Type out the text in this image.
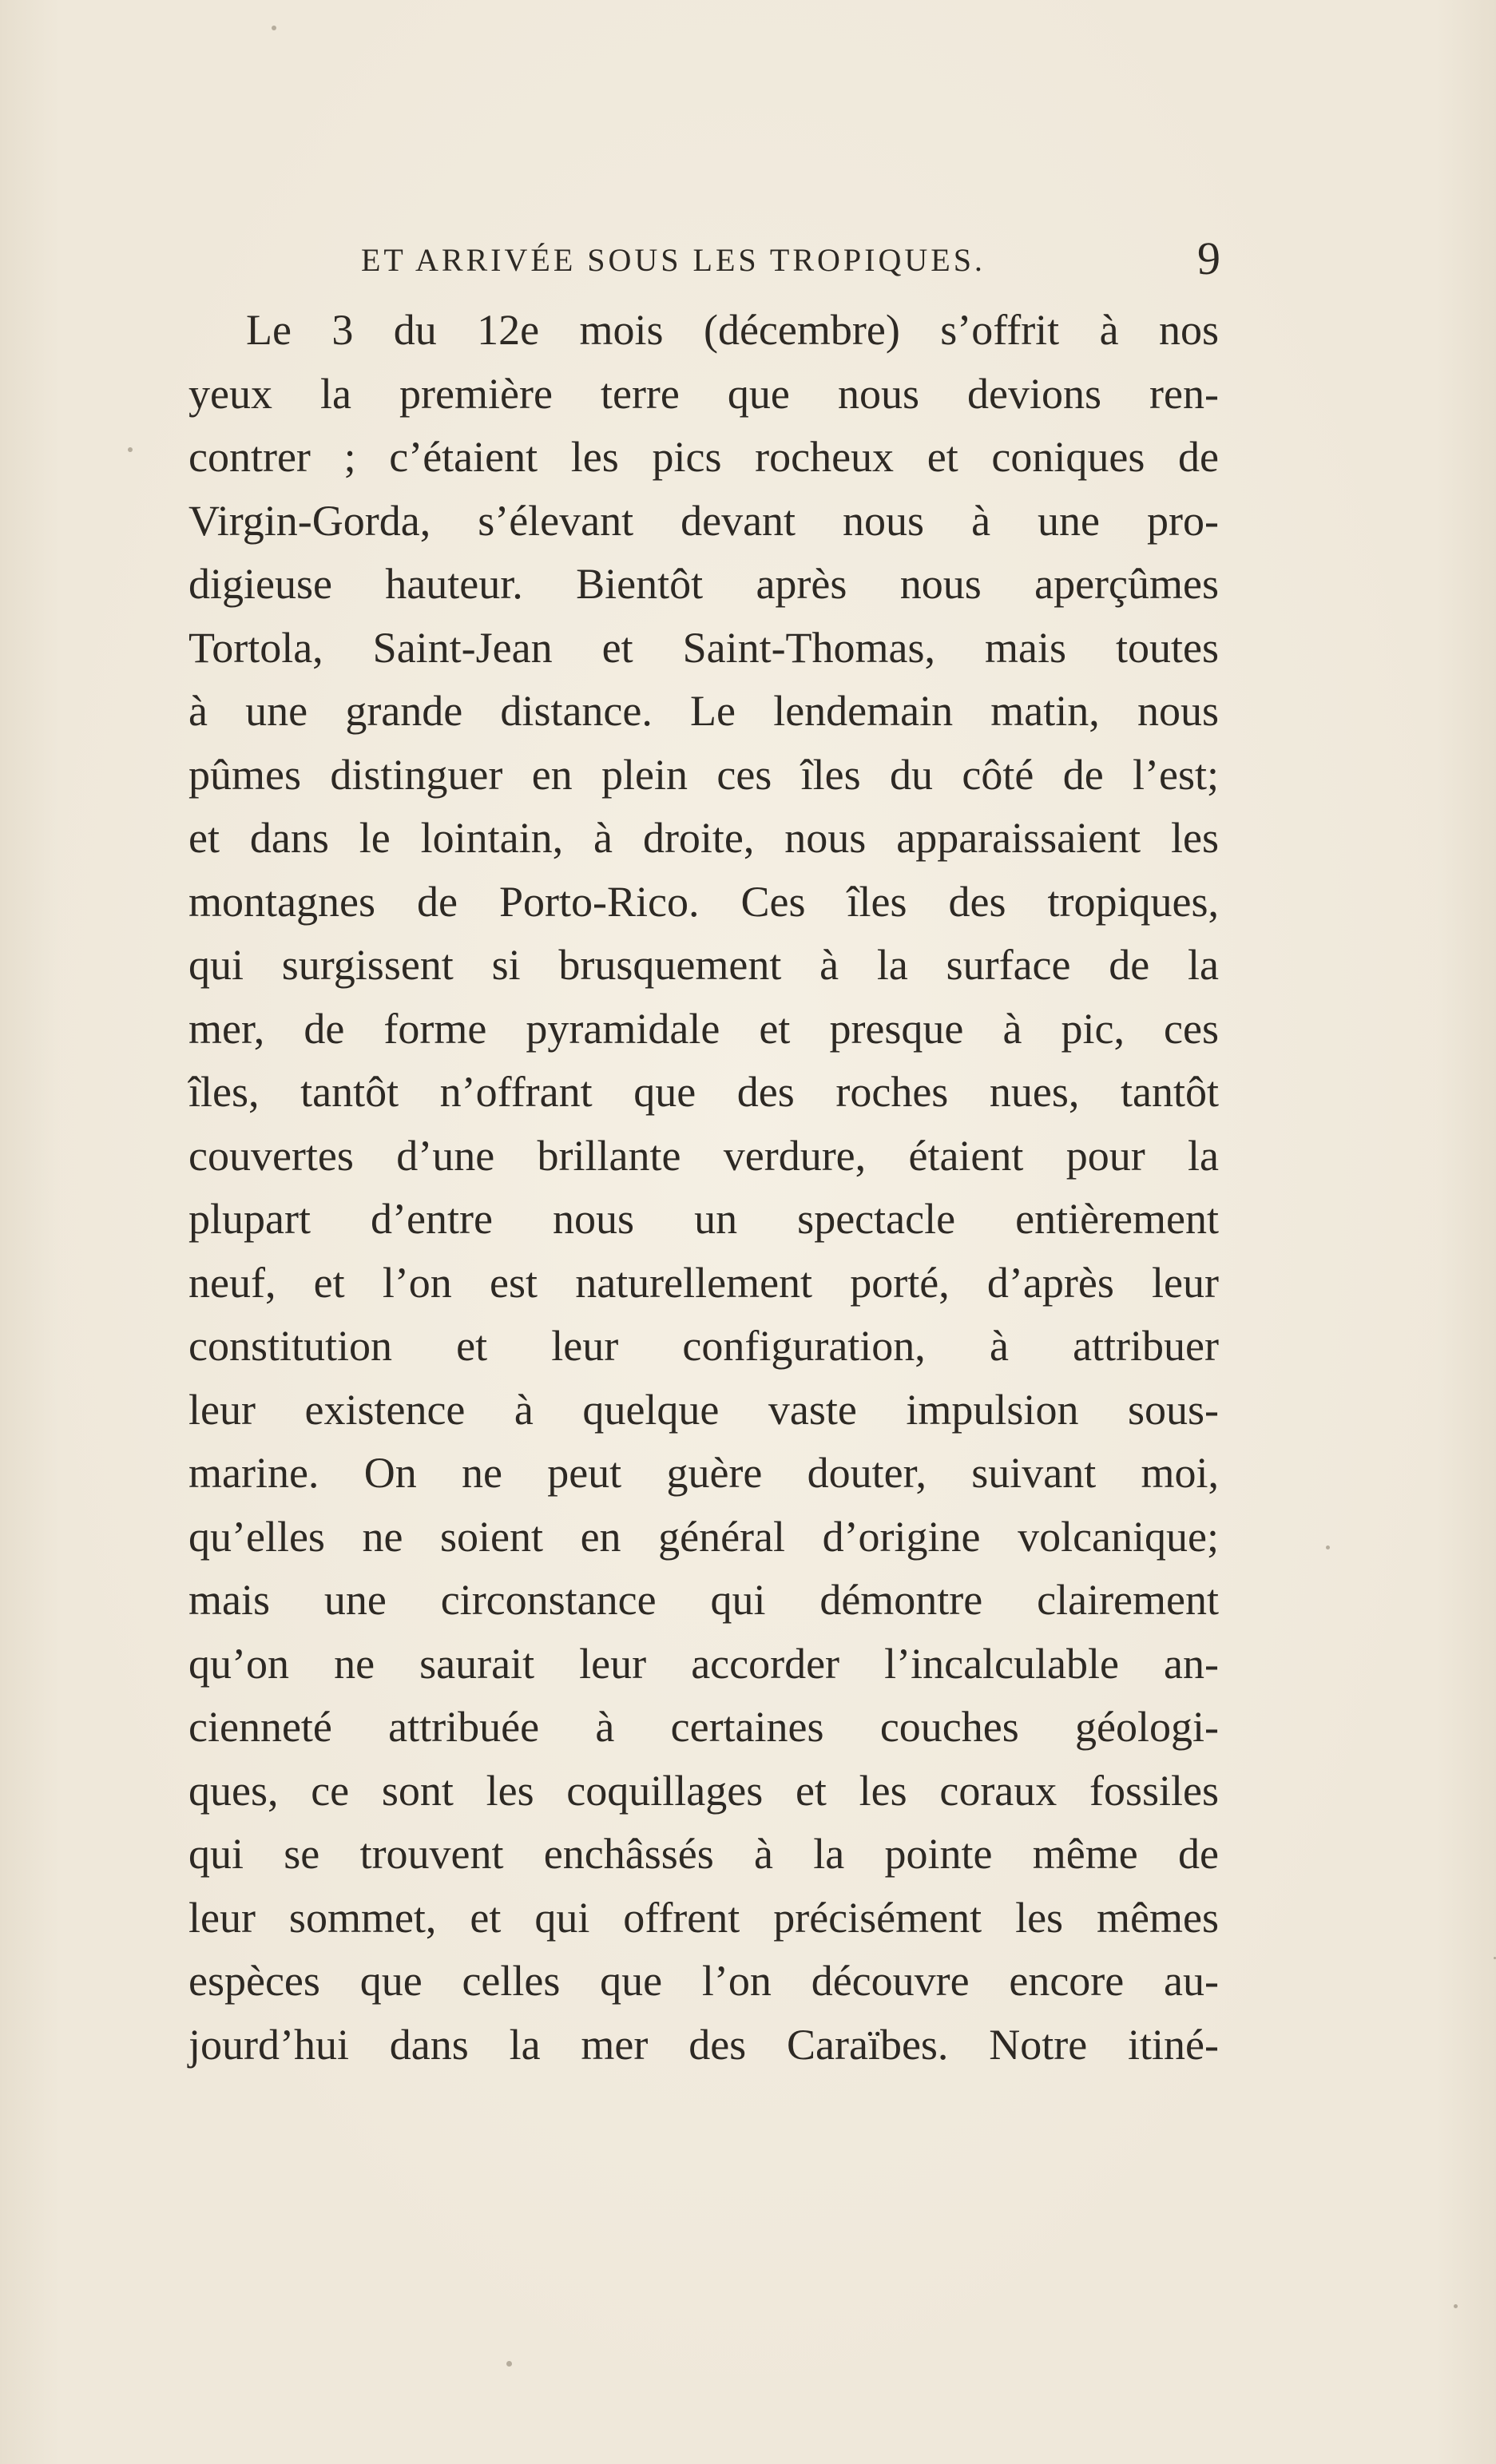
ET ARRIVÉE SOUS LES TROPIQUES.	9
Le 3 du 12e mois (décembre) s’offrit à nos
yeux la première terre que nous devions ren-
contrer ; c’étaient les pics rocheux et coniques de
Virgin-Gorda, s’élevant devant nous à une pro-
digieuse hauteur. Bientôt après nous aperçûmes
Tortola, Saint-Jean et Saint-Thomas, mais toutes
à une grande distance. Le lendemain matin, nous
pûmes distinguer en plein ces îles du côté de l’est;
et dans le lointain, à droite, nous apparaissaient les
montagnes de Porto-Rico. Ces îles des tropiques,
qui surgissent si brusquement à la surface de la
mer, de forme pyramidale et presque à pic, ces
îles, tantôt n’offrant que des roches nues, tantôt
couvertes d’une brillante verdure, étaient pour la
plupart d’entre nous un spectacle entièrement
neuf, et l’on est naturellement porté, d’après leur
constitution et leur configuration, à attribuer
leur existence à quelque vaste impulsion sous-
marine. On ne peut guère douter, suivant moi,
qu’elles ne soient en général d’origine volcanique;
mais une circonstance qui démontre clairement
qu’on ne saurait leur accorder l’incalculable an-
cienneté attribuée à certaines couches géologi-
ques, ce sont les coquillages et les coraux fossiles
qui se trouvent enchâssés à la pointe même de
leur sommet, et qui offrent précisément les mêmes
espèces que celles que l’on découvre encore au-
jourd’hui dans la mer des Caraïbes. Notre itiné-
